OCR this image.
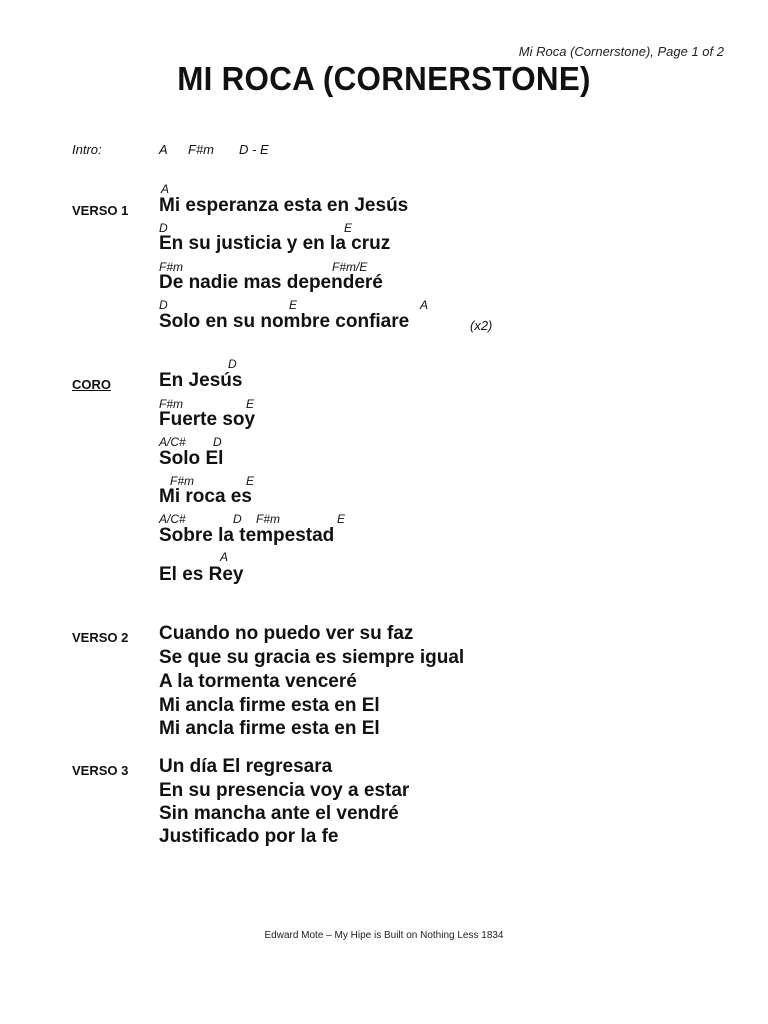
Mi Roca (Cornerstone), Page 1 of 2
MI ROCA (CORNERSTONE)
Intro:	A F#m D - E
VERSO 1
A
Mi esperanza esta en Jesús
D	E
En su justicia y en la cruz
F#m	F#m/E
De nadie mas dependeré
D	E	A
Solo en su nombre confiare	(x2)
CORO
D
En Jesús
F#m	E
Fuerte soy
A/C# D
Solo El
F#m	E
Mi roca es
A/C#	D F#m	E
Sobre la tempestad
A
El es Rey
VERSO 2 Cuando no puedo ver su faz
Se que su gracia es siempre igual
A la tormenta venceré
Mi ancla firme esta en El
Mi ancla firme esta en El
VERSO 3 Un día El regresara
En su presencia voy a estar
Sin mancha ante el vendré
Justificado por la fe
Edward Mote – My Hipe is Built on Nothing Less 1834
